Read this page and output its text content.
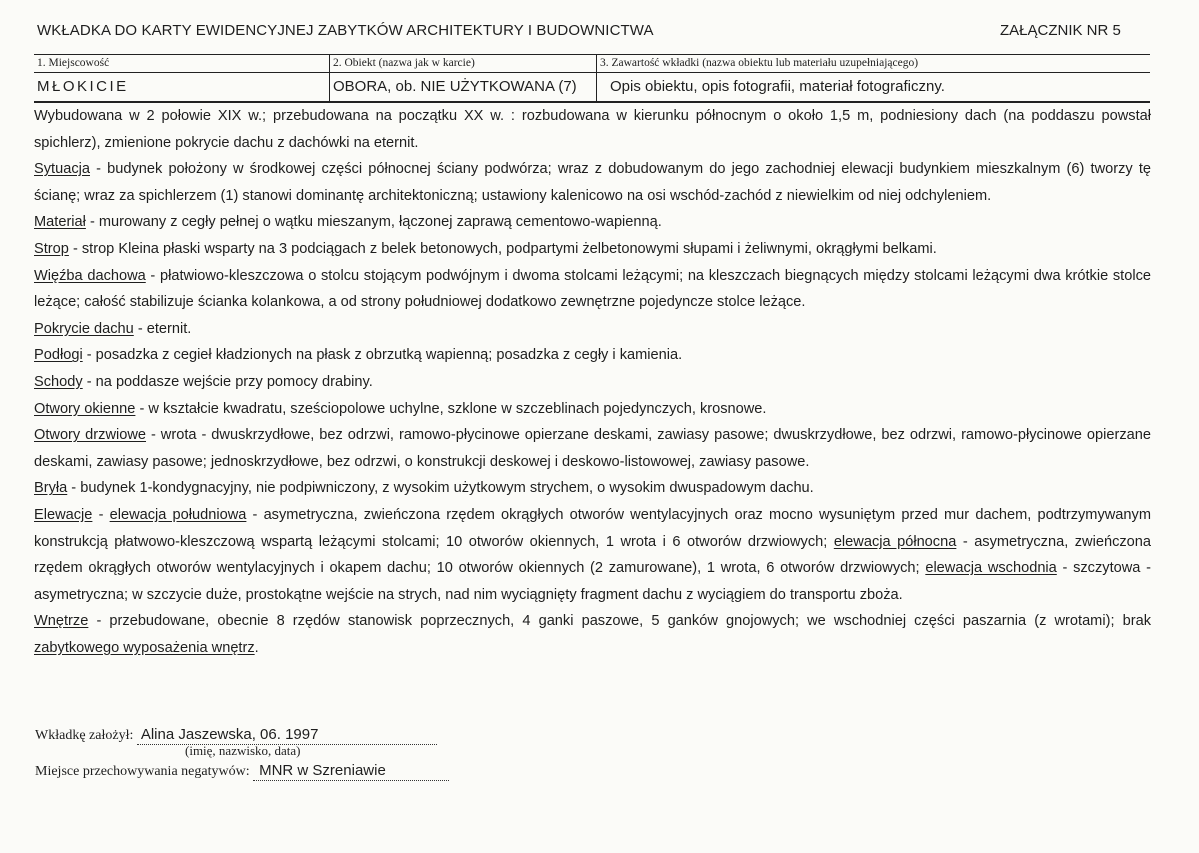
WKŁADKA DO KARTY EWIDENCYJNEJ ZABYTKÓW ARCHITEKTURY I BUDOWNICTWA	ZAŁĄCZNIK NR 5
1. Miejscowość
MŁOKICIE
2. Obiekt (nazwa jak w karcie)
OBORA, ob. NIE UŻYTKOWANA (7)
3. Zawartość wkładki (nazwa obiektu lub materiału uzupełniającego)
Opis obiektu, opis fotografii, materiał fotograficzny.

Wybudowana w 2 połowie XIX w.; przebudowana na początku XX w. : rozbudowana w kierunku północnym o około 1,5 m, podniesiony dach (na poddaszu powstał spichlerz), zmienione pokrycie dachu z dachówki na eternit.

Sytuacja - budynek położony w środkowej części północnej ściany podwórza; wraz z dobudowanym do jego zachodniej elewacji budynkiem mieszkalnym (6) tworzy tę ścianę; wraz za spichlerzem (1) stanowi dominantę architektoniczną; ustawiony kalenicowo na osi wschód-zachód z niewielkim od niej odchyleniem.

Materiał - murowany z cegły pełnej o wątku mieszanym, łączonej zaprawą cementowo-wapienną.

Strop - strop Kleina płaski wsparty na 3 podciągach z belek betonowych, podpartymi żelbetonowymi słupami i żeliwnymi, okrągłymi belkami.

Więźba dachowa - płatwiowo-kleszczowa o stolcu stojącym podwójnym i dwoma stolcami leżącymi; na kleszczach biegnących między stolcami leżącymi dwa krótkie stolce leżące; całość stabilizuje ścianka kolankowa, a od strony południowej dodatkowo zewnętrzne pojedyncze stolce leżące.

Pokrycie dachu - eternit.

Podłogi - posadzka z cegieł kładzionych na płask z obrzutką wapienną; posadzka z cegły i kamienia.

Schody - na poddasze wejście przy pomocy drabiny.

Otwory okienne - w kształcie kwadratu, sześciopolowe uchylne, szklone w szczeblinach pojedynczych, krosnowe.

Otwory drzwiowe - wrota - dwuskrzydłowe, bez odrzwi, ramowo-płycinowe opierzane deskami, zawiasy pasowe; dwuskrzydłowe, bez odrzwi, ramowo-płycinowe opierzane deskami, zawiasy pasowe; jednoskrzydłowe, bez odrzwi, o konstrukcji deskowej i deskowo-listowowej, zawiasy pasowe.

Bryła - budynek 1-kondygnacyjny, nie podpiwniczony, z wysokim użytkowym strychem, o wysokim dwuspadowym dachu.

Elewacje - elewacja południowa - asymetryczna, zwieńczona rzędem okrągłych otworów wentylacyjnych oraz mocno wysuniętym przed mur dachem, podtrzymywanym konstrukcją płatwowo-kleszczową wspartą leżącymi stolcami; 10 otworów okiennych, 1 wrota i 6 otworów drzwiowych; elewacja północna - asymetryczna, zwieńczona rzędem okrągłych otworów wentylacyjnych i okapem dachu; 10 otworów okiennych (2 zamurowane), 1 wrota, 6 otworów drzwiowych; elewacja wschodnia - szczytowa - asymetryczna; w szczycie duże, prostokątne wejście na strych, nad nim wyciągnięty fragment dachu z wyciągiem do transportu zboża.

Wnętrze - przebudowane, obecnie 8 rzędów stanowisk poprzecznych, 4 ganki paszowe, 5 ganków gnojowych; we wschodniej części paszarnia (z wrotami); brak zabytkowego wyposażenia wnętrz.

Wkładkę założył: Alina Jaszewska, 06. 1997
(imię, nazwisko, data)
Miejsce przechowywania negatywów: MNR w Szreniawie
